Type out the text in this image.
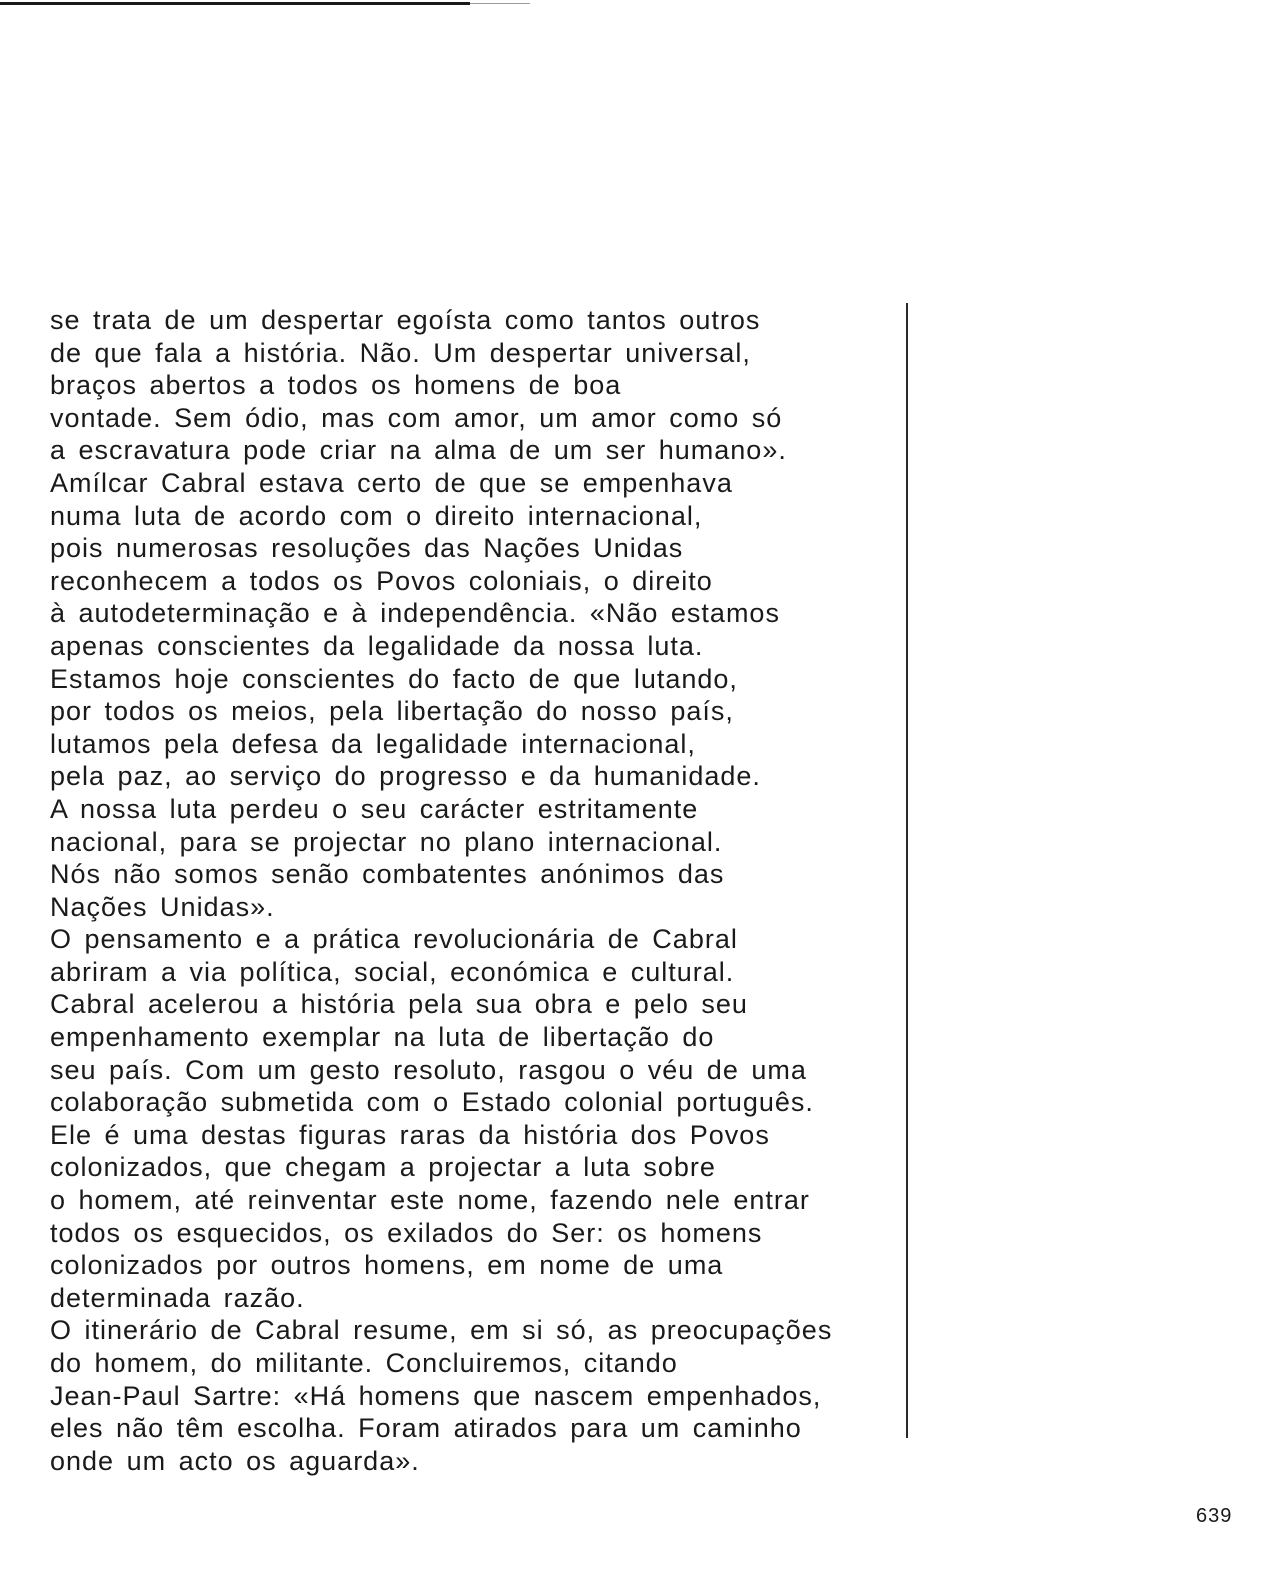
se trata de um despertar egoísta como tantos outros
de que fala a história. Não. Um despertar universal,
braços abertos a todos os homens de boa
vontade. Sem ódio, mas com amor, um amor como só
a escravatura pode criar na alma de um ser humano».
Amílcar Cabral estava certo de que se empenhava
numa luta de acordo com o direito internacional,
pois numerosas resoluções das Nações Unidas
reconhecem a todos os Povos coloniais, o direito
à autodeterminação e à independência. «Não estamos
apenas conscientes da legalidade da nossa luta.
Estamos hoje conscientes do facto de que lutando,
por todos os meios, pela libertação do nosso país,
lutamos pela defesa da legalidade internacional,
pela paz, ao serviço do progresso e da humanidade.
A nossa luta perdeu o seu carácter estritamente
nacional, para se projectar no plano internacional.
Nós não somos senão combatentes anónimos das
Nações Unidas».
O pensamento e a prática revolucionária de Cabral
abriram a via política, social, económica e cultural.
Cabral acelerou a história pela sua obra e pelo seu
empenhamento exemplar na luta de libertação do
seu país. Com um gesto resoluto, rasgou o véu de uma
colaboração submetida com o Estado colonial português.
Ele é uma destas figuras raras da história dos Povos
colonizados, que chegam a projectar a luta sobre
o homem, até reinventar este nome, fazendo nele entrar
todos os esquecidos, os exilados do Ser: os homens
colonizados por outros homens, em nome de uma
determinada razão.
O itinerário de Cabral resume, em si só, as preocupações
do homem, do militante. Concluiremos, citando
Jean-Paul Sartre: «Há homens que nascem empenhados,
eles não têm escolha. Foram atirados para um caminho
onde um acto os aguarda».
639
